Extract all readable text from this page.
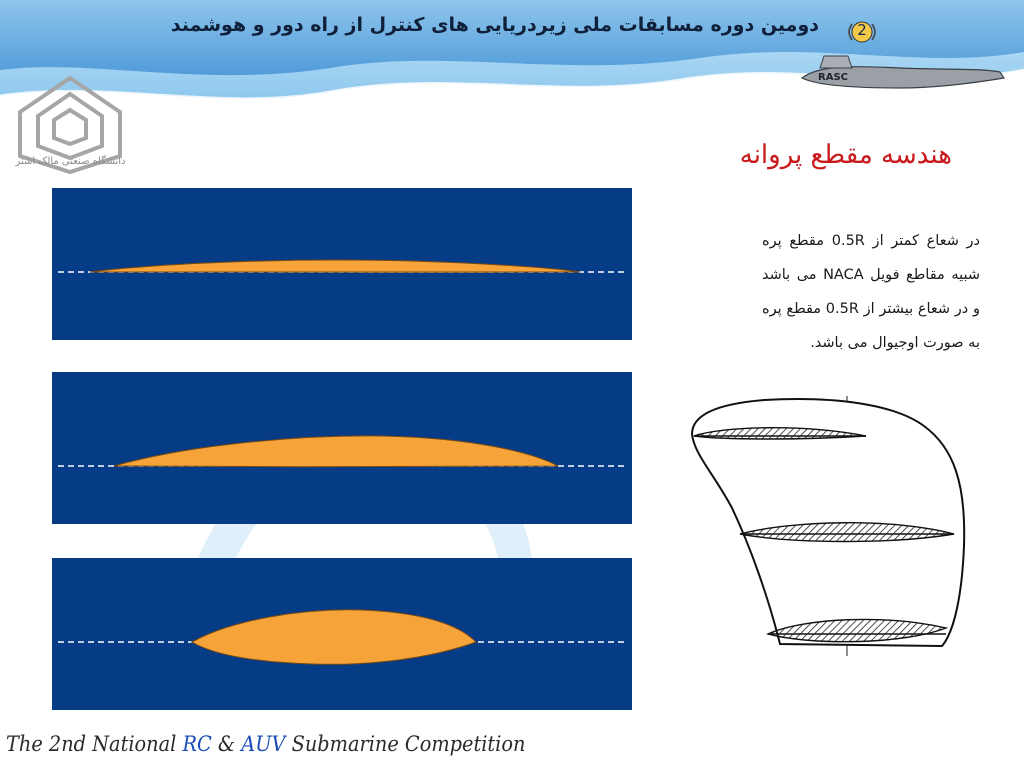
دومین دوره مسابقات ملی زیردریایی های کنترل از راه دور و هوشمند	2
RASC
دانشگاه صنعتی مالک اشتر	هندسه مقطع پروانه
در شعاع کمتر از 0.5R مقطع پره شبیه مقاطع فویل NACA می باشد و در شعاع بیشتر از 0.5R مقطع پره به صورت اوجیوال می باشد.
The 2nd National RC & AUV Submarine Competition
